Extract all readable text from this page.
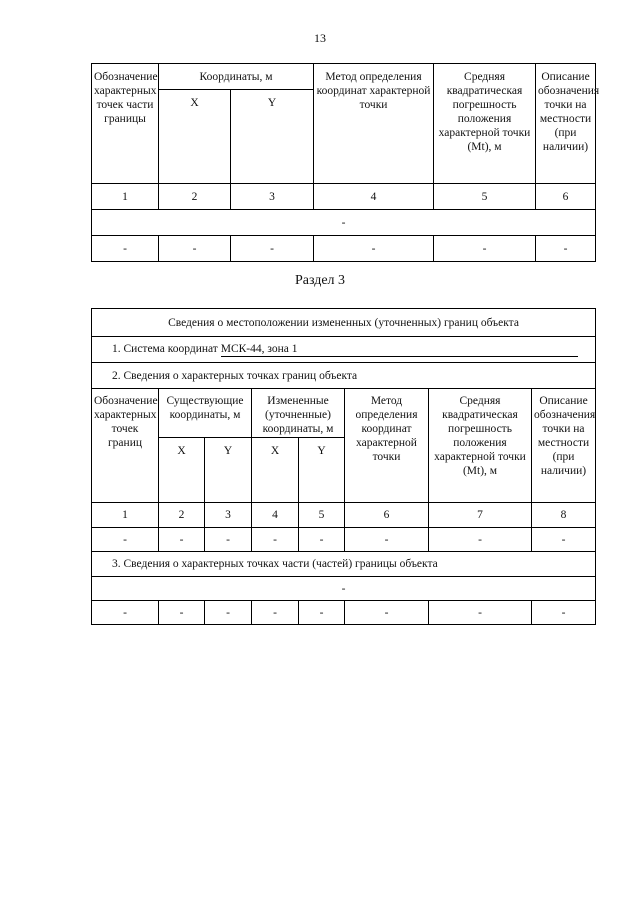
13
Обозначение характерных точек части границы	Координаты, м		Метод определения координат характерной точки	Средняя квадратическая погрешность положения характерной точки (Mt), м	Описание обозначения точки на местности (при наличии)
	X	Y			
1	2	3	4	5	6
-					
-	-	-	-	-	-
Раздел 3
Сведения о местоположении измененных (уточненных) границ объекта							
1. Система координат МСК-44, зона 1							
2. Сведения о характерных точках границ объекта							
Обозначение характерных точек границ	Существующие координаты, м		Измененные (уточненные) координаты, м		Метод определения координат характерной точки	Средняя квадратическая погрешность положения характерной точки (Mt), м	Описание обозначения точки на местности (при наличии)
	X	Y	X	Y			
1	2	3	4	5	6	7	8
-	-	-	-	-	-	-	-
3. Сведения о характерных точках части (частей) границы объекта							
-							
-	-	-	-	-	-	-	-
